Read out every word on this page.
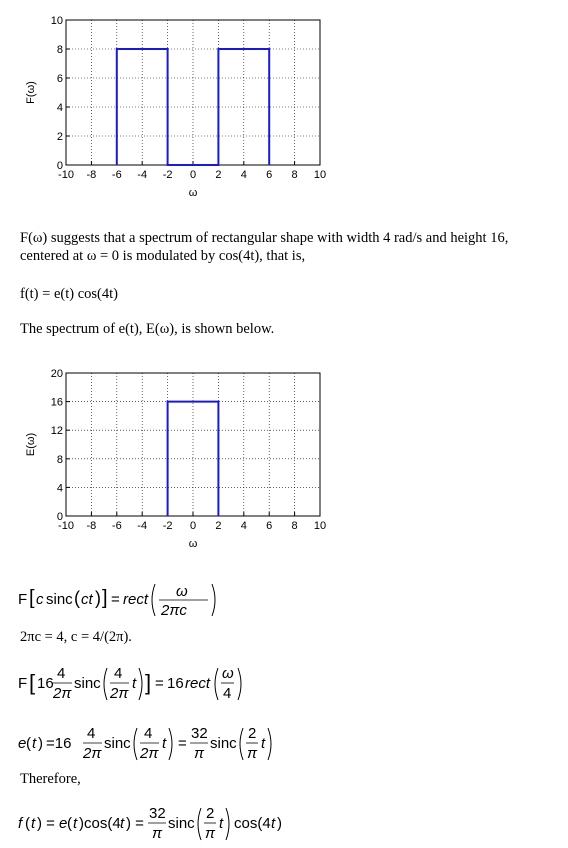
-10 -8 -6 -4 -2 0 2 4 6 8 10
0
2
4
6
8
10
ω
F(ω)
F(ω) suggests that a spectrum of rectangular shape with width 4 rad/s and height 16, centered at ω = 0 is modulated by cos(4t), that is,
f(t) = e(t) cos(4t)
The spectrum of e(t), E(ω), is shown below.
-10 -8 -6 -4 -2 0 2 4 6 8 10
0
4
8
12
16
20
ω
E(ω)
F [ c sinc ( ct ) ] = rect ω
2πc
2πc = 4, c = 4/(2π).
F [ 16
4
2π
sinc
4
2π
t ] = 16 rect
ω
4
e ( t ) =16
4
2π
sinc
4
2π
t =
32
π
sinc
2
π
t
Therefore,
f ( t ) = e ( t )cos(4 t ) =
32
π
sinc
2
π
t cos(4 t )
